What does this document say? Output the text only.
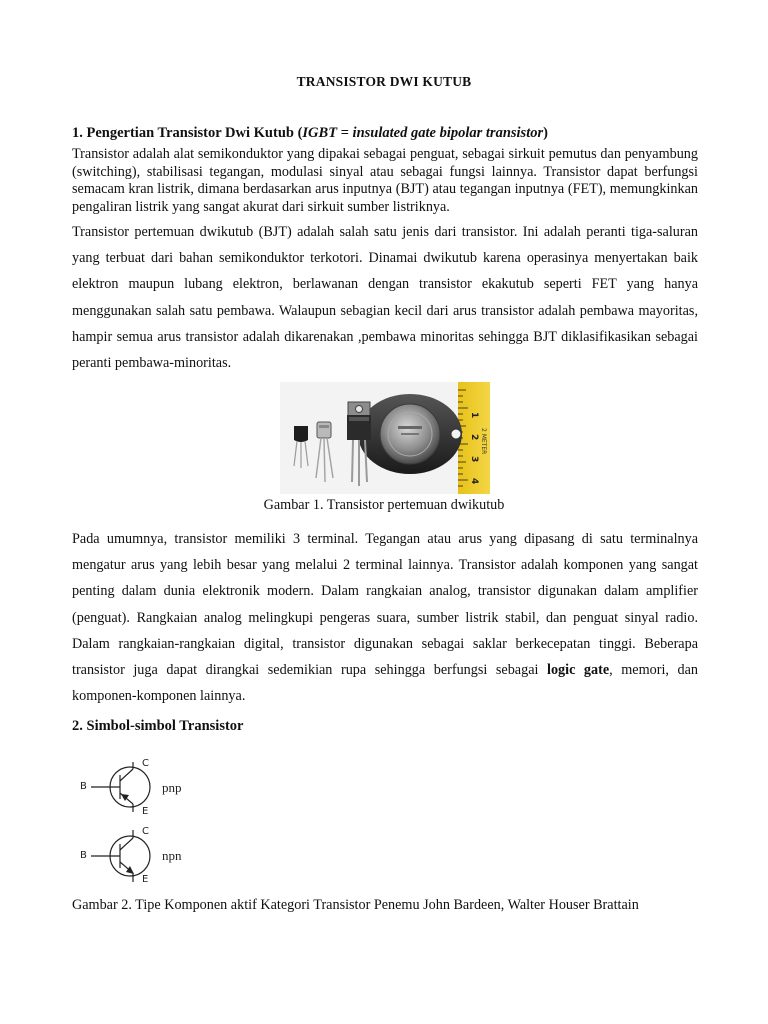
TRANSISTOR DWI KUTUB
1. Pengertian Transistor Dwi Kutub (IGBT = insulated gate bipolar transistor)
Transistor adalah alat semikonduktor yang dipakai sebagai penguat, sebagai sirkuit pemutus dan penyambung (switching), stabilisasi tegangan, modulasi sinyal atau sebagai fungsi lainnya. Transistor dapat berfungsi semacam kran listrik, dimana berdasarkan arus inputnya (BJT) atau tegangan inputnya (FET), memungkinkan pengaliran listrik yang sangat akurat dari sirkuit sumber listriknya.
Transistor pertemuan dwikutub (BJT) adalah salah satu jenis dari transistor. Ini adalah peranti tiga-saluran yang terbuat dari bahan semikonduktor terkotori. Dinamai dwikutub karena operasinya menyertakan baik elektron maupun lubang elektron, berlawanan dengan transistor ekakutub seperti FET yang hanya menggunakan salah satu pembawa. Walaupun sebagian kecil dari arus transistor adalah pembawa mayoritas, hampir semua arus transistor adalah dikarenakan ,pembawa minoritas sehingga BJT diklasifikasikan sebagai peranti pembawa-minoritas.
1
2
3
4
2 METER
Gambar 1. Transistor pertemuan dwikutub
Pada umumnya, transistor memiliki 3 terminal. Tegangan atau arus yang dipasang di satu terminalnya mengatur arus yang lebih besar yang melalui 2 terminal lainnya. Transistor adalah komponen yang sangat penting dalam dunia elektronik modern. Dalam rangkaian analog, transistor digunakan dalam amplifier (penguat). Rangkaian analog melingkupi pengeras suara, sumber listrik stabil, dan penguat sinyal radio. Dalam rangkaian-rangkaian digital, transistor digunakan sebagai saklar berkecepatan tinggi. Beberapa transistor juga dapat dirangkai sedemikian rupa sehingga berfungsi sebagai logic gate, memori, dan komponen-komponen lainnya.
2. Simbol-simbol Transistor
B
C
E
pnp
B
C
E
npn
Gambar 2. Tipe Komponen aktif Kategori Transistor Penemu John Bardeen, Walter Houser Brattain
